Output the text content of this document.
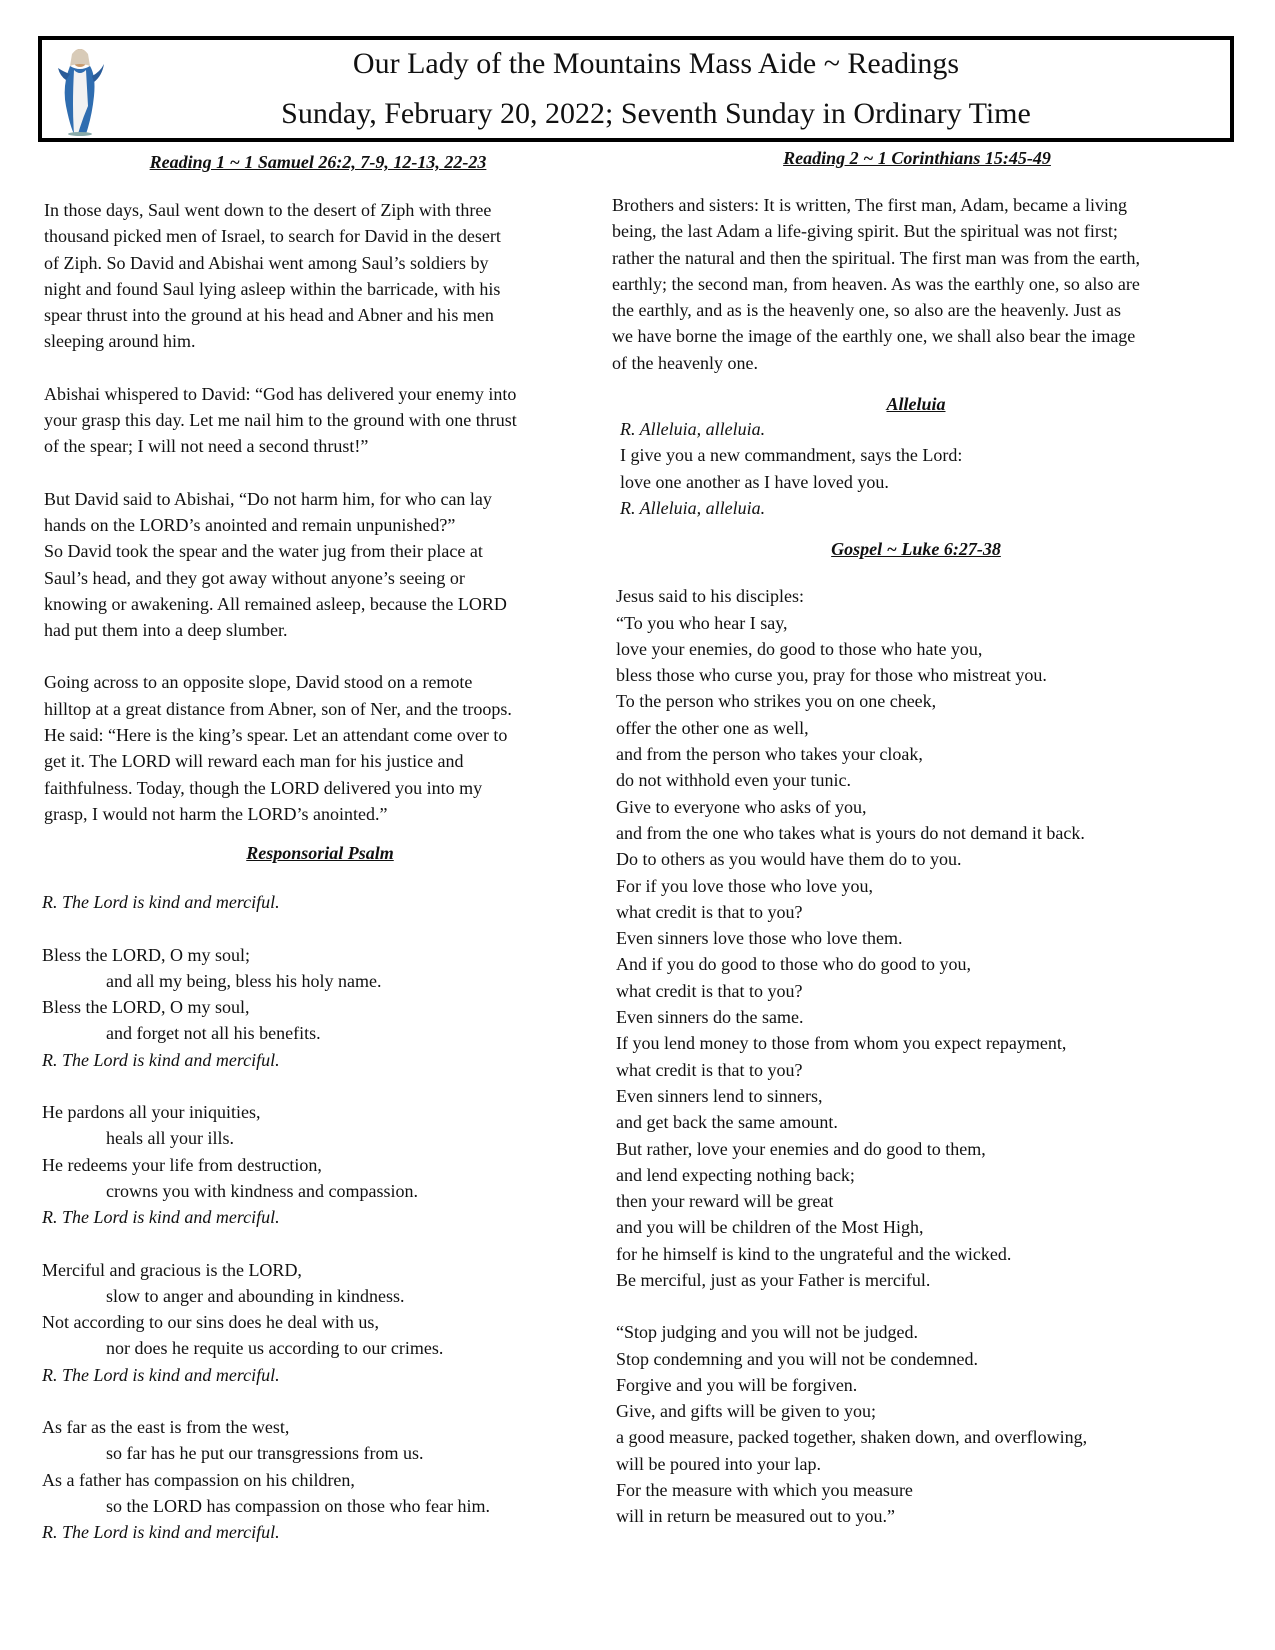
Our Lady of the Mountains Mass Aide ~ Readings
Sunday, February 20, 2022; Seventh Sunday in Ordinary Time
Reading 1 ~ 1 Samuel 26:2, 7-9, 12-13, 22-23
In those days, Saul went down to the desert of Ziph with three
thousand picked men of Israel, to search for David in the desert
of Ziph. So David and Abishai went among Saul’s soldiers by
night and found Saul lying asleep within the barricade, with his
spear thrust into the ground at his head and Abner and his men
sleeping around him.
Abishai whispered to David: “God has delivered your enemy into
your grasp this day. Let me nail him to the ground with one thrust
of the spear; I will not need a second thrust!”
But David said to Abishai, “Do not harm him, for who can lay
hands on the LORD’s anointed and remain unpunished?”
So David took the spear and the water jug from their place at
Saul’s head, and they got away without anyone’s seeing or
knowing or awakening. All remained asleep, because the LORD
had put them into a deep slumber.
Going across to an opposite slope, David stood on a remote
hilltop at a great distance from Abner, son of Ner, and the troops.
He said: “Here is the king’s spear. Let an attendant come over to
get it. The LORD will reward each man for his justice and
faithfulness. Today, though the LORD delivered you into my
grasp, I would not harm the LORD’s anointed.”
Responsorial Psalm
R. The Lord is kind and merciful.
Bless the LORD, O my soul;
and all my being, bless his holy name.
Bless the LORD, O my soul,
and forget not all his benefits.
R. The Lord is kind and merciful.
He pardons all your iniquities,
heals all your ills.
He redeems your life from destruction,
crowns you with kindness and compassion.
R. The Lord is kind and merciful.
Merciful and gracious is the LORD,
slow to anger and abounding in kindness.
Not according to our sins does he deal with us,
nor does he requite us according to our crimes.
R. The Lord is kind and merciful.
As far as the east is from the west,
so far has he put our transgressions from us.
As a father has compassion on his children,
so the LORD has compassion on those who fear him.
R. The Lord is kind and merciful.
Reading 2 ~ 1 Corinthians 15:45-49
Brothers and sisters: It is written, The first man, Adam, became a living
being, the last Adam a life-giving spirit. But the spiritual was not first;
rather the natural and then the spiritual. The first man was from the earth,
earthly; the second man, from heaven. As was the earthly one, so also are
the earthly, and as is the heavenly one, so also are the heavenly. Just as
we have borne the image of the earthly one, we shall also bear the image
of the heavenly one.
Alleluia
R. Alleluia, alleluia.
I give you a new commandment, says the Lord:
love one another as I have loved you.
R. Alleluia, alleluia.
Gospel ~ Luke 6:27-38
Jesus said to his disciples:
“To you who hear I say,
love your enemies, do good to those who hate you,
bless those who curse you, pray for those who mistreat you.
To the person who strikes you on one cheek,
offer the other one as well,
and from the person who takes your cloak,
do not withhold even your tunic.
Give to everyone who asks of you,
and from the one who takes what is yours do not demand it back.
Do to others as you would have them do to you.
For if you love those who love you,
what credit is that to you?
Even sinners love those who love them.
And if you do good to those who do good to you,
what credit is that to you?
Even sinners do the same.
If you lend money to those from whom you expect repayment,
what credit is that to you?
Even sinners lend to sinners,
and get back the same amount.
But rather, love your enemies and do good to them,
and lend expecting nothing back;
then your reward will be great
and you will be children of the Most High,
for he himself is kind to the ungrateful and the wicked.
Be merciful, just as your Father is merciful.
“Stop judging and you will not be judged.
Stop condemning and you will not be condemned.
Forgive and you will be forgiven.
Give, and gifts will be given to you;
a good measure, packed together, shaken down, and overflowing,
will be poured into your lap.
For the measure with which you measure
will in return be measured out to you.”
